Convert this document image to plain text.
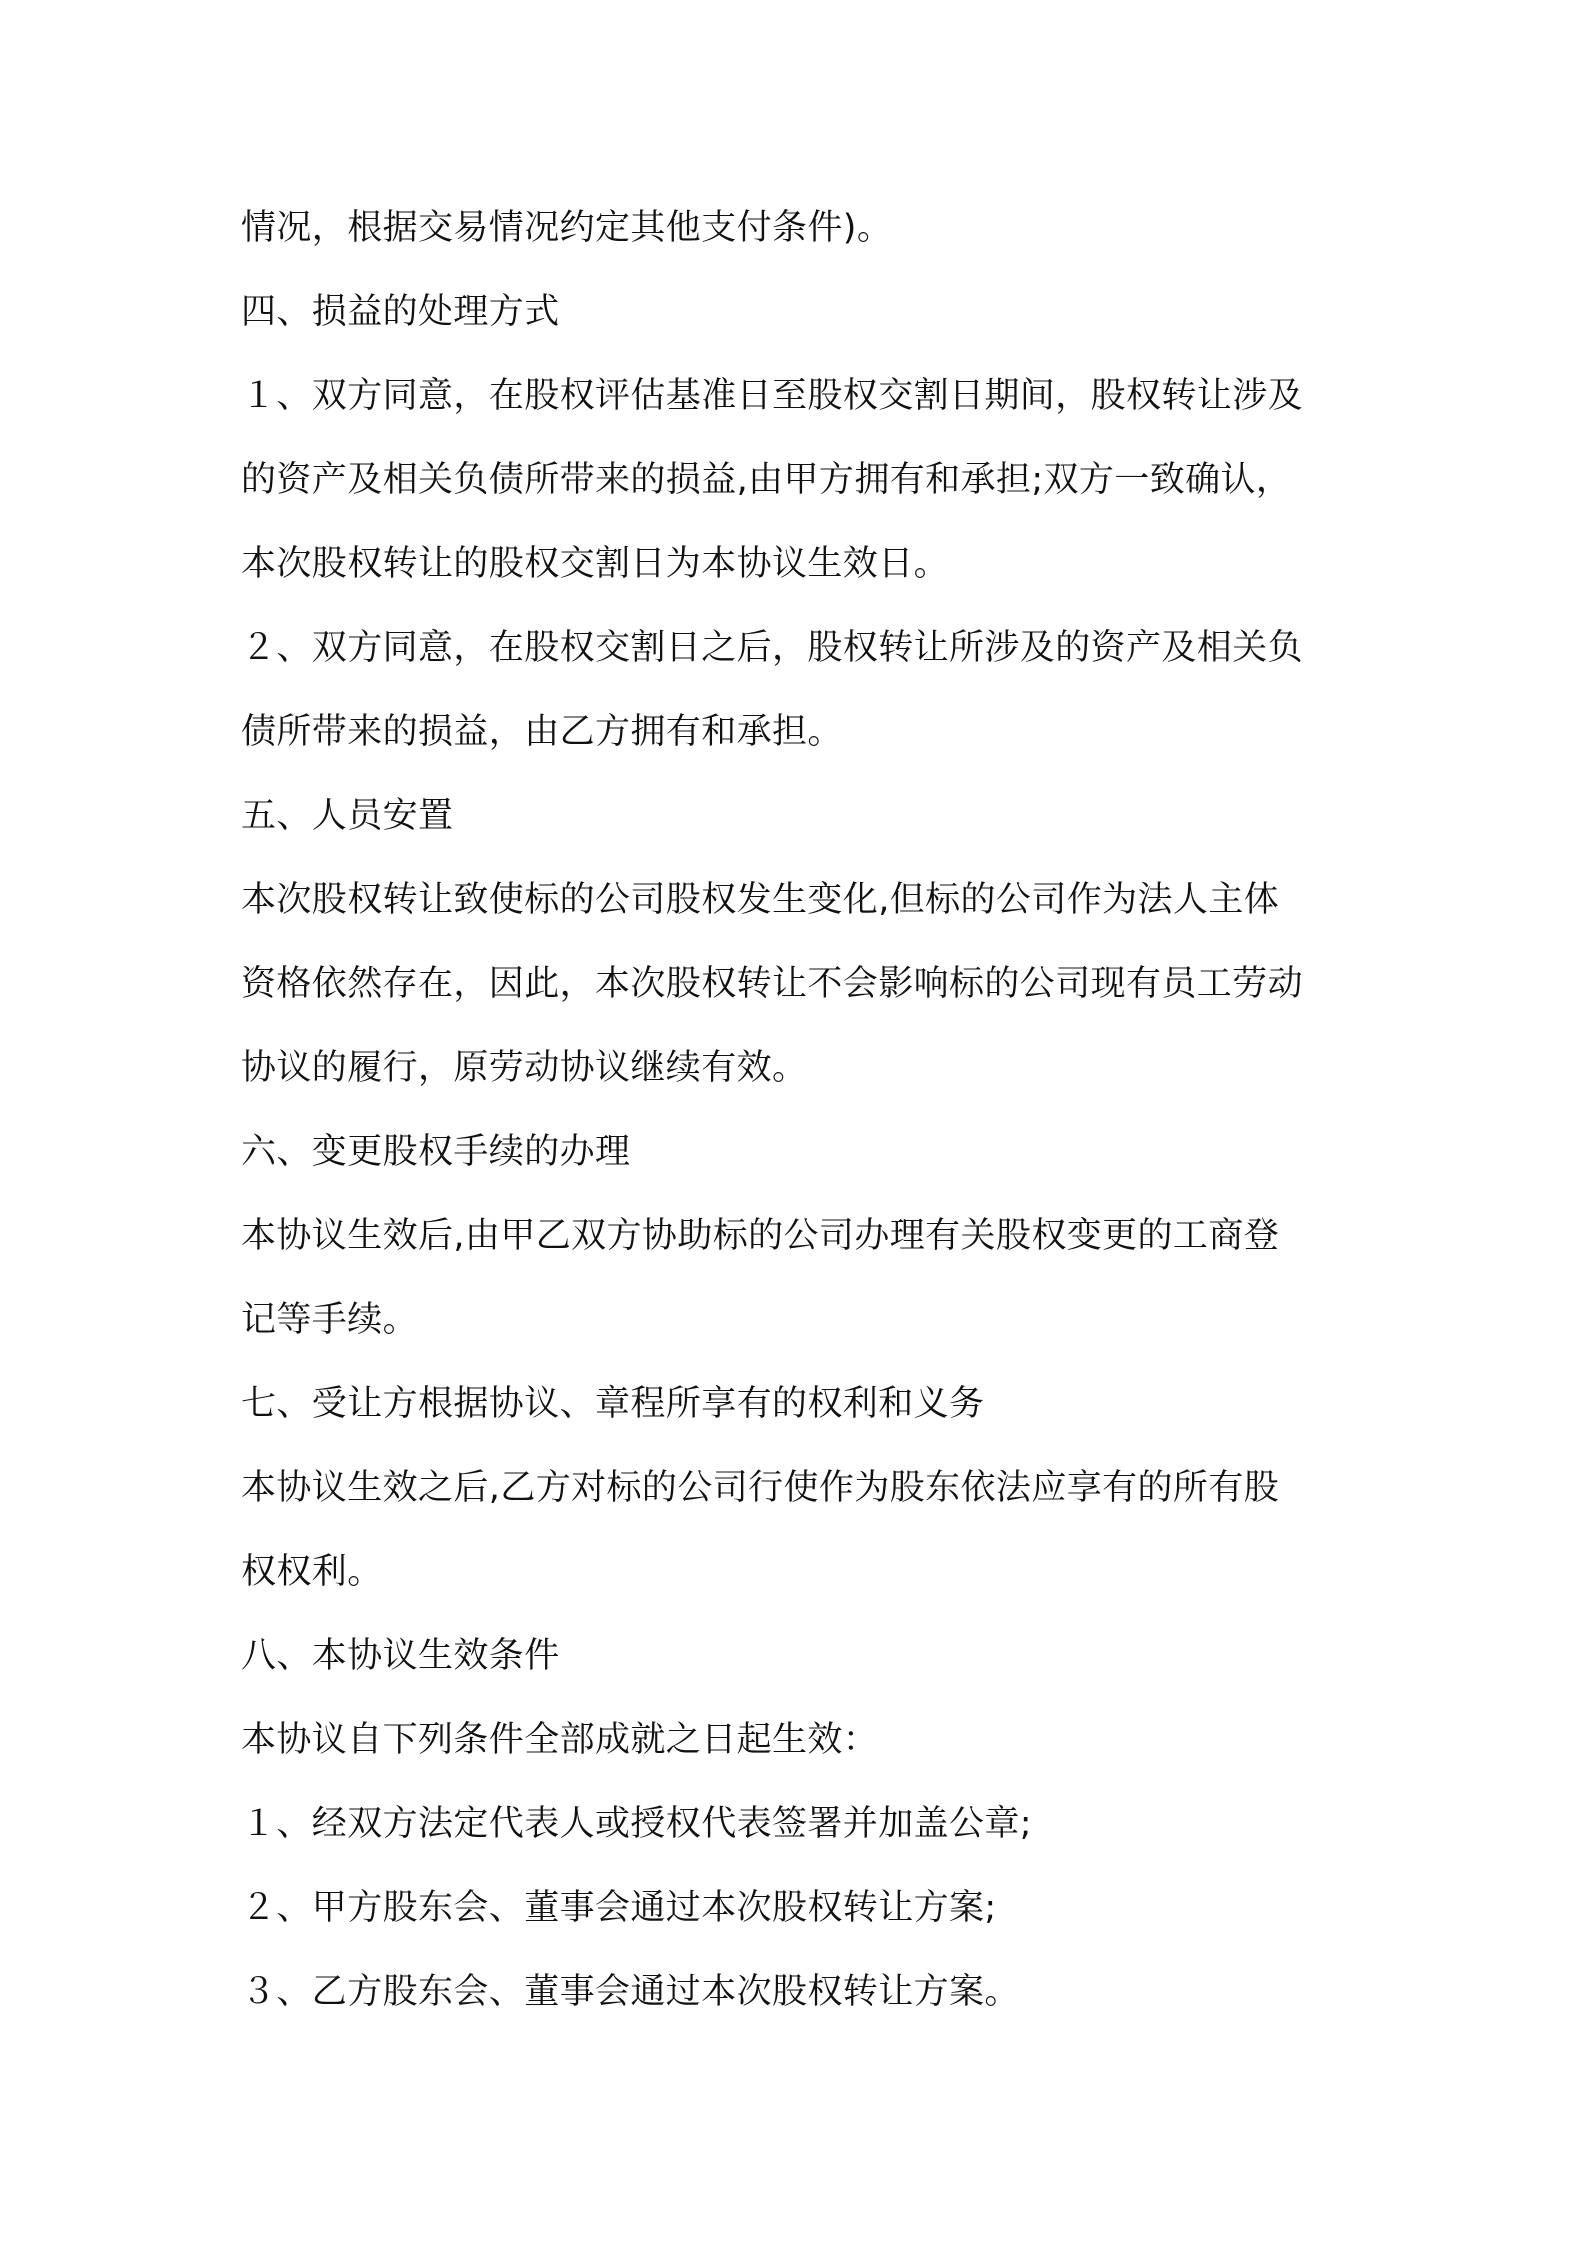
情况，根据交易情况约定其他支付条件)。
四、损益的处理方式
１、双方同意，在股权评估基准日至股权交割日期间，股权转让涉及
的资产及相关负债所带来的损益,由甲方拥有和承担;双方一致确认，
本次股权转让的股权交割日为本协议生效日。
２、双方同意，在股权交割日之后，股权转让所涉及的资产及相关负
债所带来的损益，由乙方拥有和承担。
五、人员安置
本次股权转让致使标的公司股权发生变化,但标的公司作为法人主体
资格依然存在，因此，本次股权转让不会影响标的公司现有员工劳动
协议的履行，原劳动协议继续有效。
六、变更股权手续的办理
本协议生效后,由甲乙双方协助标的公司办理有关股权变更的工商登
记等手续。
七、受让方根据协议、章程所享有的权利和义务
本协议生效之后,乙方对标的公司行使作为股东依法应享有的所有股
权权利。
八、本协议生效条件
本协议自下列条件全部成就之日起生效：
１、经双方法定代表人或授权代表签署并加盖公章;
２、甲方股东会、董事会通过本次股权转让方案;
３、乙方股东会、董事会通过本次股权转让方案。
